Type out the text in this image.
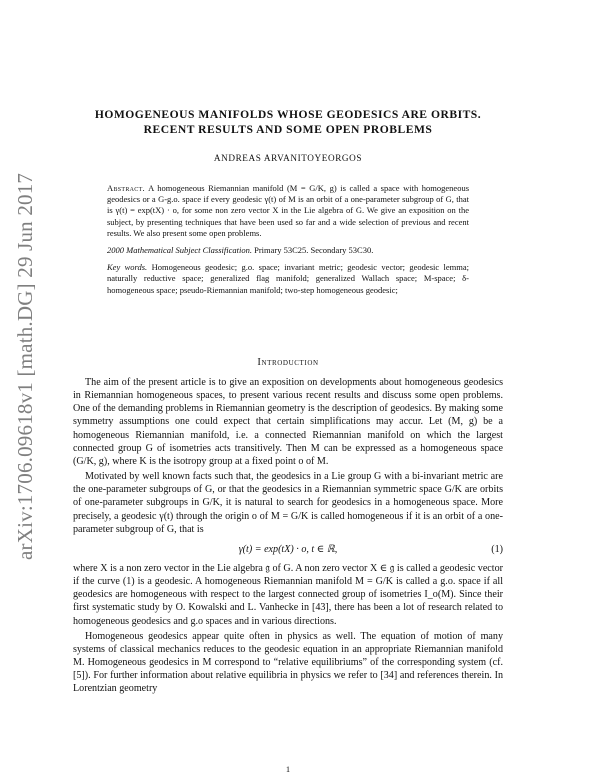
arXiv:1706.09618v1 [math.DG] 29 Jun 2017
HOMOGENEOUS MANIFOLDS WHOSE GEODESICS ARE ORBITS.
RECENT RESULTS AND SOME OPEN PROBLEMS
ANDREAS ARVANITOYEORGOS

Abstract. A homogeneous Riemannian manifold (M = G/K, g) is called a space with homogeneous geodesics or a G-g.o. space if every geodesic γ(t) of M is an orbit of a one-parameter subgroup of G, that is γ(t) = exp(tX) · o, for some non zero vector X in the Lie algebra of G. We give an exposition on the subject, by presenting techniques that have been used so far and a wide selection of previous and recent results. We also present some open problems.

2000 Mathematical Subject Classification. Primary 53C25. Secondary 53C30.

Key words. Homogeneous geodesic; g.o. space; invariant metric; geodesic vector; geodesic lemma; naturally reductive space; generalized flag manifold; generalized Wallach space; M-space; δ-homogeneous space; pseudo-Riemannian manifold; two-step homogeneous geodesic;

Introduction

The aim of the present article is to give an exposition on developments about homogeneous geodesics in Riemannian homogeneous spaces, to present various recent results and discuss some open problems. One of the demanding problems in Riemannian geometry is the description of geodesics. By making some symmetry assumptions one could expect that certain simplifications may accur. Let (M, g) be a homogeneous Riemannian manifold, i.e. a connected Riemannian manifold on which the largest connected group G of isometries acts transitively. Then M can be expressed as a homogeneous space (G/K, g), where K is the isotropy group at a fixed point o of M.

Motivated by well known facts such that, the geodesics in a Lie group G with a bi-invariant metric are the one-parameter subgroups of G, or that the geodesics in a Riemannian symmetric space G/K are orbits of one-parameter subgroups in G/K, it is natural to search for geodesics in a homogeneous space. More precisely, a geodesic γ(t) through the origin o of M = G/K is called homogeneous if it is an orbit of a one-parameter subgroup of G, that is

γ(t) = exp(tX) · o, t ∈ ℝ,	(1)

where X is a non zero vector in the Lie algebra 𝔤 of G. A non zero vector X ∈ 𝔤 is called a geodesic vector if the curve (1) is a geodesic. A homogeneous Riemannian manifold M = G/K is called a g.o. space if all geodesics are homogeneous with respect to the largest connected group of isometries I_o(M). Since their first systematic study by O. Kowalski and L. Vanhecke in [43], there has been a lot of research related to homogeneous geodesics and g.o spaces and in various directions.

Homogeneous geodesics appear quite often in physics as well. The equation of motion of many systems of classical mechanics reduces to the geodesic equation in an appropriate Riemannian manifold M. Homogeneous geodesics in M correspond to “relative equilibriums” of the corresponding system (cf. [5]). For further information about relative equilibria in physics we refer to [34] and references therein. In Lorentzian geometry

1
